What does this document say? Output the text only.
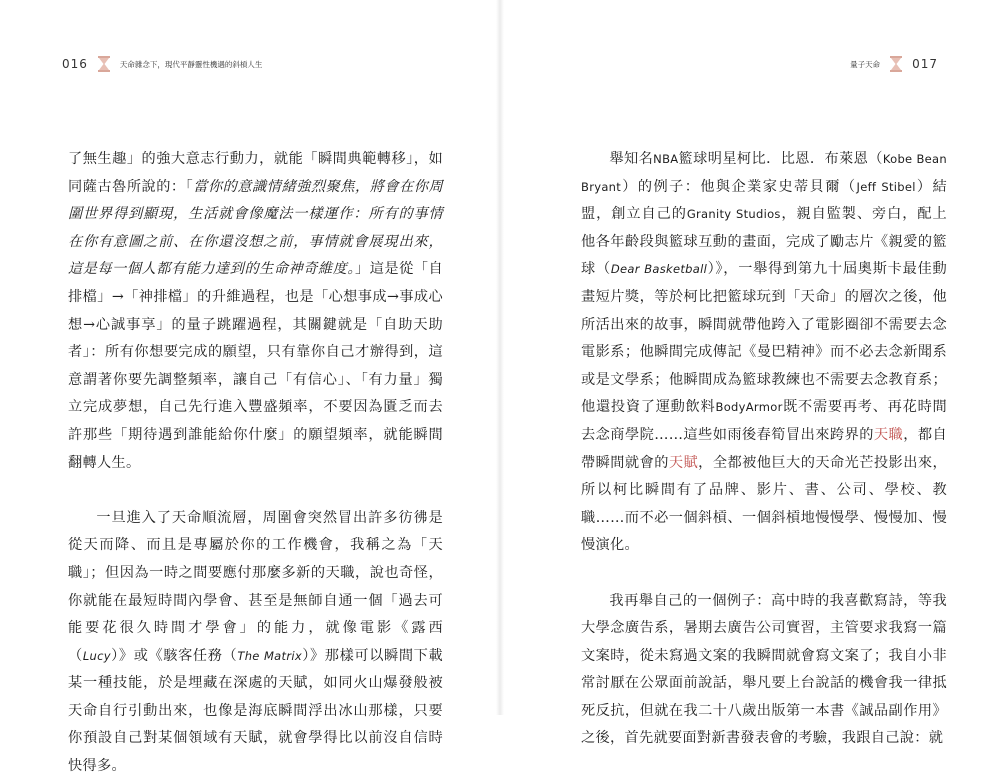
016	天命雜念下，現代平靜靈性機遇的斜槓人生

了無生趣」的強大意志行動力，就能「瞬間典範轉移」，如同薩古魯所說的：「當你的意識情緒強烈聚焦，將會在你周圍世界得到顯現，生活就會像魔法一樣運作：所有的事情在你有意圖之前、在你還沒想之前，事情就會展現出來，這是每一個人都有能力達到的生命神奇維度。」這是從「自排檔」→「神排檔」的升維過程，也是「心想事成→事成心想→心誠事享」的量子跳躍過程，其關鍵就是「自助天助者」：所有你想要完成的願望，只有靠你自己才辦得到，這意謂著你要先調整頻率，讓自己「有信心」、「有力量」獨立完成夢想，自己先行進入豐盛頻率，不要因為匱乏而去許那些「期待遇到誰能給你什麼」的願望頻率，就能瞬間翻轉人生。

一旦進入了天命順流層，周圍會突然冒出許多彷彿是從天而降、而且是專屬於你的工作機會，我稱之為「天職」；但因為一時之間要應付那麼多新的天職，說也奇怪，你就能在最短時間內學會、甚至是無師自通一個「過去可能要花很久時間才學會」的能力，就像電影《露西（Lucy）》或《駭客任務（The Matrix）》那樣可以瞬間下載某一種技能，於是埋藏在深處的天賦，如同火山爆發般被天命自行引動出來，也像是海底瞬間浮出冰山那樣，只要你預設自己對某個領域有天賦，就會學得比以前沒自信時快得多。

量子天命	017

舉知名NBA籃球明星柯比．比恩．布萊恩（Kobe Bean Bryant）的例子：他與企業家史蒂貝爾（Jeff Stibel）結盟，創立自己的Granity Studios，親自監製、旁白，配上他各年齡段與籃球互動的畫面，完成了勵志片《親愛的籃球（Dear Basketball）》，一舉得到第九十屆奧斯卡最佳動畫短片獎，等於柯比把籃球玩到「天命」的層次之後，他所活出來的故事，瞬間就帶他跨入了電影圈卻不需要去念電影系；他瞬間完成傳記《曼巴精神》而不必去念新聞系或是文學系；他瞬間成為籃球教練也不需要去念教育系；他還投資了運動飲料BodyArmor既不需要再考、再花時間去念商學院……這些如雨後春筍冒出來跨界的天職，都自帶瞬間就會的天賦，全都被他巨大的天命光芒投影出來，所以柯比瞬間有了品牌、影片、書、公司、學校、教職……而不必一個斜槓、一個斜槓地慢慢學、慢慢加、慢慢演化。

我再舉自己的一個例子：高中時的我喜歡寫詩，等我大學念廣告系，暑期去廣告公司實習，主管要求我寫一篇文案時，從未寫過文案的我瞬間就會寫文案了；我自小非常討厭在公眾面前說話，舉凡要上台說話的機會我一律抵死反抗，但就在我二十八歲出版第一本書《誠品副作用》之後，首先就要面對新書發表會的考驗，我跟自己說：就
